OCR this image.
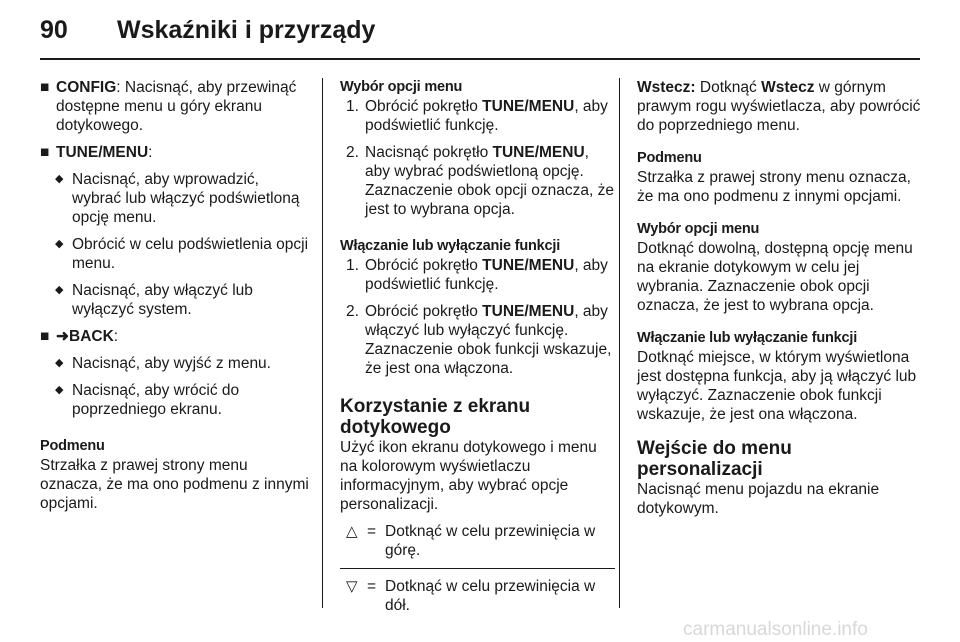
90 Wskaźniki i przyrządy
■ CONFIG: Nacisnąć, aby przewinąć dostępne menu u góry ekranu dotykowego.
■ TUNE/MENU:
◆ Nacisnąć, aby wprowadzić, wybrać lub włączyć podświetloną opcję menu.
◆ Obrócić w celu podświetlenia opcji menu.
◆ Nacisnąć, aby włączyć lub wyłączyć system.
■ ➜BACK:
◆ Nacisnąć, aby wyjść z menu.
◆ Nacisnąć, aby wrócić do poprzedniego ekranu.

Podmenu

Strzałka z prawej strony menu oznacza, że ma ono podmenu z innymi opcjami.

Wybór opcji menu

1. Obrócić pokrętło TUNE/MENU, aby podświetlić funkcję.
2. Nacisnąć pokrętło TUNE/MENU, aby wybrać podświetloną opcję. Zaznaczenie obok opcji oznacza, że jest to wybrana opcja.

Włączanie lub wyłączanie funkcji

1. Obrócić pokrętło TUNE/MENU, aby podświetlić funkcję.
2. Obrócić pokrętło TUNE/MENU, aby włączyć lub wyłączyć funkcję. Zaznaczenie obok funkcji wskazuje, że jest ona włączona.

Korzystanie z ekranu dotykowego

Użyć ikon ekranu dotykowego i menu na kolorowym wyświetlaczu informacyjnym, aby wybrać opcje personalizacji.

△ = Dotknąć w celu przewinięcia w górę.
▽ = Dotknąć w celu przewinięcia w dół.

Wstecz: Dotknąć Wstecz w górnym prawym rogu wyświetlacza, aby powrócić do poprzedniego menu.

Podmenu

Strzałka z prawej strony menu oznacza, że ma ono podmenu z innymi opcjami.

Wybór opcji menu

Dotknąć dowolną, dostępną opcję menu na ekranie dotykowym w celu jej wybrania. Zaznaczenie obok opcji oznacza, że jest to wybrana opcja.

Włączanie lub wyłączanie funkcji

Dotknąć miejsce, w którym wyświetlona jest dostępna funkcja, aby ją włączyć lub wyłączyć. Zaznaczenie obok funkcji wskazuje, że jest ona włączona.

Wejście do menu personalizacji

Nacisnąć menu pojazdu na ekranie dotykowym.

carmanualsonline.info
